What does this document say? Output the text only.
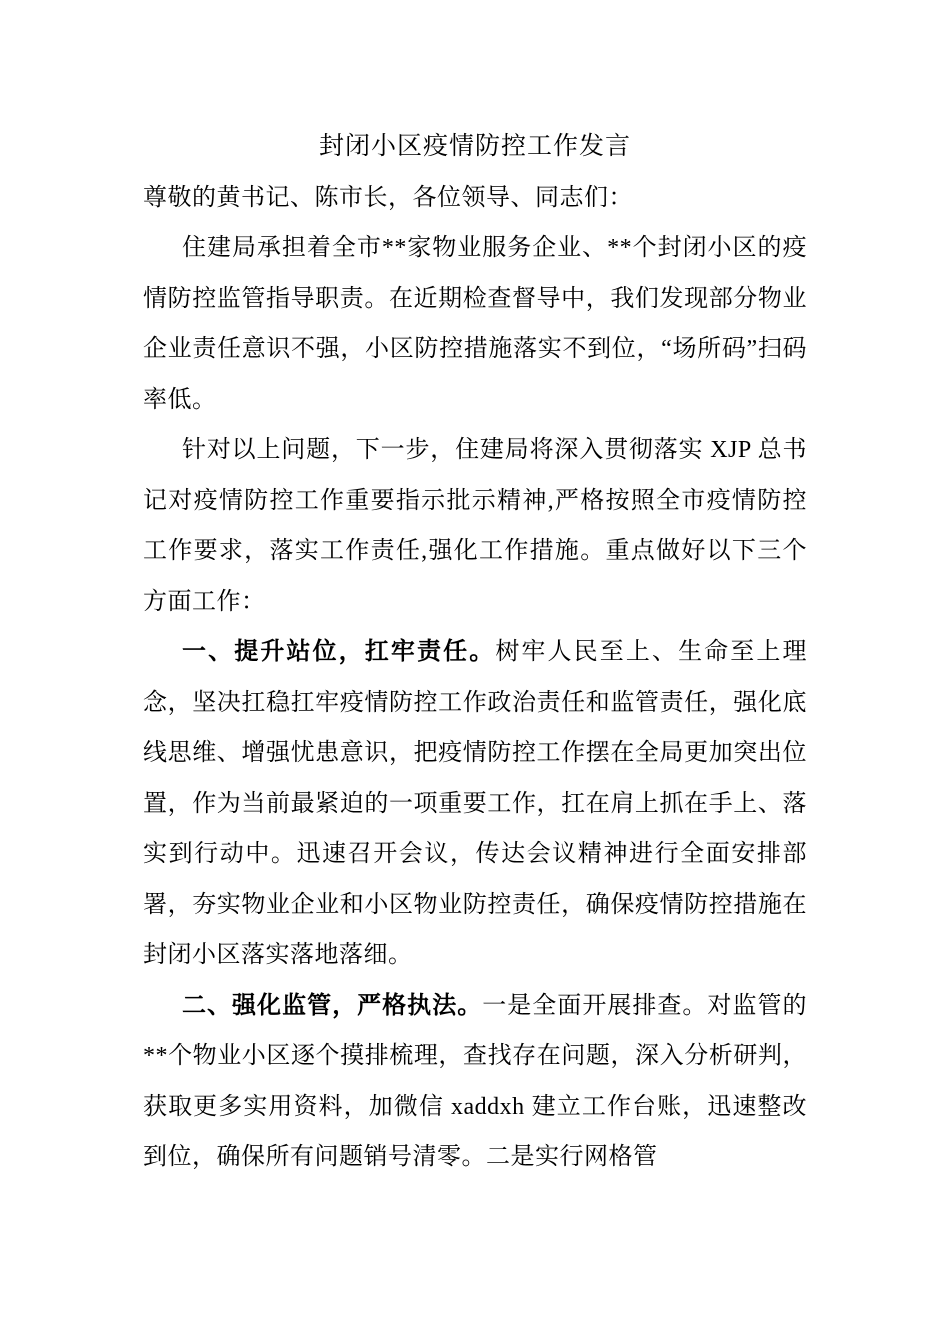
封闭小区疫情防控工作发言

尊敬的黄书记、陈市长，各位领导、同志们：

住建局承担着全市**家物业服务企业、**个封闭小区的疫情防控监管指导职责。在近期检查督导中，我们发现部分物业企业责任意识不强，小区防控措施落实不到位，“场所码”扫码率低。

针对以上问题，下一步，住建局将深入贯彻落实 XJP 总书记对疫情防控工作重要指示批示精神,严格按照全市疫情防控工作要求，落实工作责任,强化工作措施。重点做好以下三个方面工作：

一、提升站位，扛牢责任。树牢人民至上、生命至上理念，坚决扛稳扛牢疫情防控工作政治责任和监管责任，强化底线思维、增强忧患意识，把疫情防控工作摆在全局更加突出位置，作为当前最紧迫的一项重要工作，扛在肩上抓在手上、落实到行动中。迅速召开会议，传达会议精神进行全面安排部署，夯实物业企业和小区物业防控责任，确保疫情防控措施在封闭小区落实落地落细。

二、强化监管，严格执法。一是全面开展排查。对监管的**个物业小区逐个摸排梳理，查找存在问题，深入分析研判，获取更多实用资料，加微信 xaddxh 建立工作台账，迅速整改到位，确保所有问题销号清零。二是实行网格管
